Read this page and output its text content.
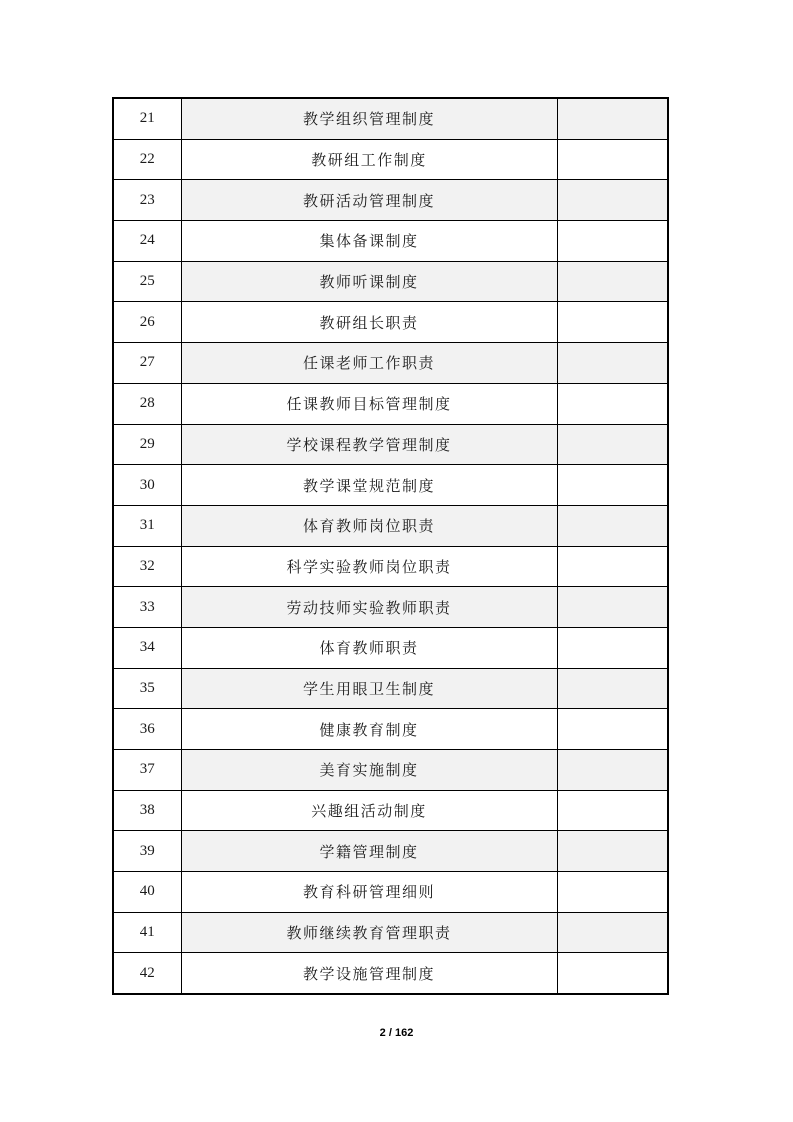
21	教学组织管理制度	
22	教研组工作制度	
23	教研活动管理制度	
24	集体备课制度	
25	教师听课制度	
26	教研组长职责	
27	任课老师工作职责	
28	任课教师目标管理制度	
29	学校课程教学管理制度	
30	教学课堂规范制度	
31	体育教师岗位职责	
32	科学实验教师岗位职责	
33	劳动技师实验教师职责	
34	体育教师职责	
35	学生用眼卫生制度	
36	健康教育制度	
37	美育实施制度	
38	兴趣组活动制度	
39	学籍管理制度	
40	教育科研管理细则	
41	教师继续教育管理职责	
42	教学设施管理制度	
2 / 162
